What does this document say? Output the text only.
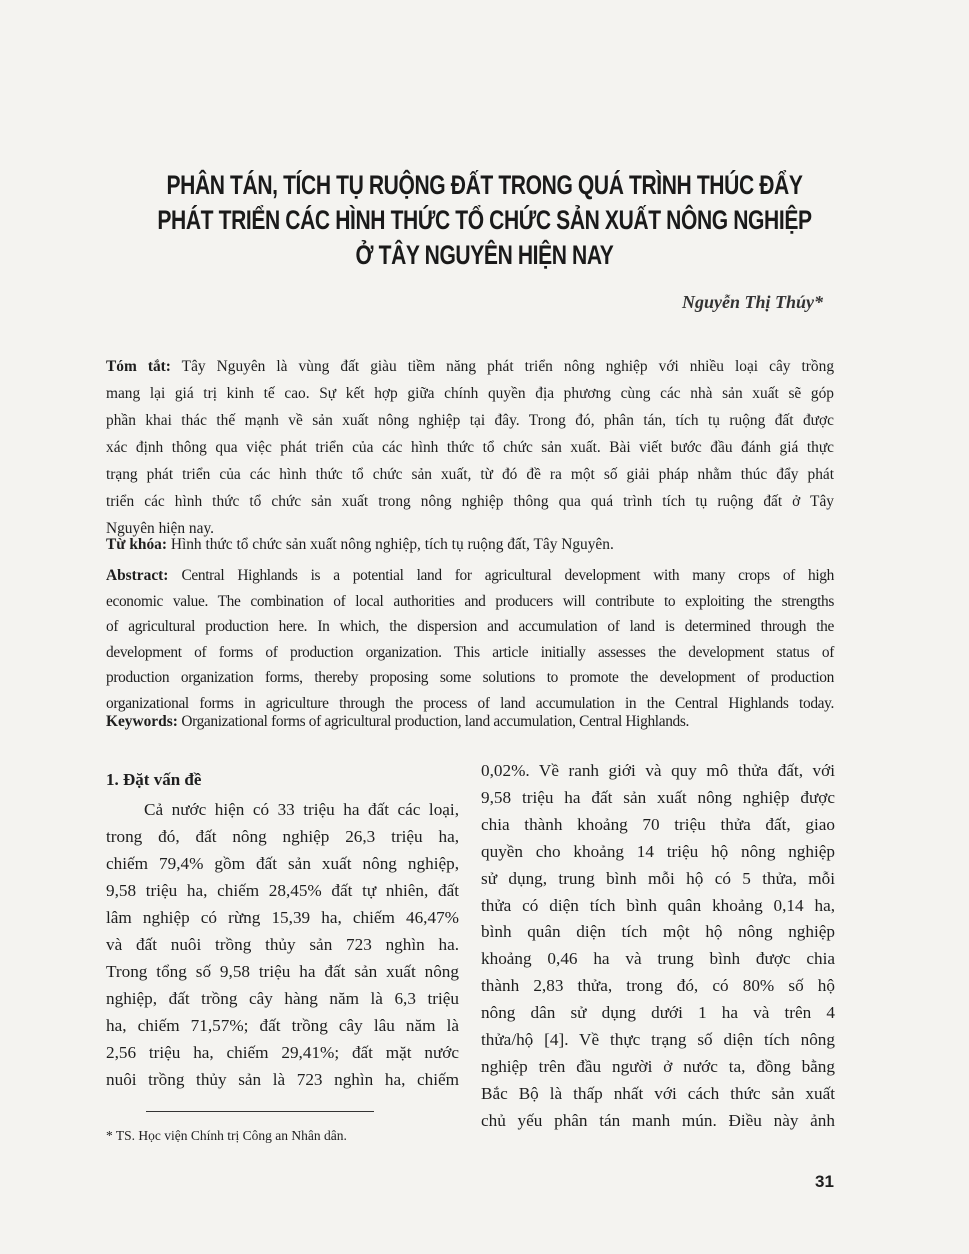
PHÂN TÁN, TÍCH TỤ RUỘNG ĐẤT TRONG QUÁ TRÌNH THÚC ĐẨY
PHÁT TRIỂN CÁC HÌNH THỨC TỔ CHỨC SẢN XUẤT NÔNG NGHIỆP
Ở TÂY NGUYÊN HIỆN NAY
Nguyễn Thị Thúy*
Tóm tắt: Tây Nguyên là vùng đất giàu tiềm năng phát triển nông nghiệp với nhiều loại cây trồng
mang lại giá trị kinh tế cao. Sự kết hợp giữa chính quyền địa phương cùng các nhà sản xuất sẽ góp
phần khai thác thế mạnh về sản xuất nông nghiệp tại đây. Trong đó, phân tán, tích tụ ruộng đất được
xác định thông qua việc phát triển của các hình thức tổ chức sản xuất. Bài viết bước đầu đánh giá thực
trạng phát triển của các hình thức tổ chức sản xuất, từ đó đề ra một số giải pháp nhằm thúc đẩy phát
triển các hình thức tổ chức sản xuất trong nông nghiệp thông qua quá trình tích tụ ruộng đất ở Tây
Nguyên hiện nay.
Từ khóa: Hình thức tổ chức sản xuất nông nghiệp, tích tụ ruộng đất, Tây Nguyên.
Abstract: Central Highlands is a potential land for agricultural development with many crops of high
economic value. The combination of local authorities and producers will contribute to exploiting the strengths
of agricultural production here. In which, the dispersion and accumulation of land is determined through the
development of forms of production organization. This article initially assesses the development status of
production organization forms, thereby proposing some solutions to promote the development of production
organizational forms in agriculture through the process of land accumulation in the Central Highlands today.
Keywords: Organizational forms of agricultural production, land accumulation, Central Highlands.
1. Đặt vấn đề
Cả nước hiện có 33 triệu ha đất các loại,
trong đó, đất nông nghiệp 26,3 triệu ha,
chiếm 79,4% gồm đất sản xuất nông nghiệp,
9,58 triệu ha, chiếm 28,45% đất tự nhiên, đất
lâm nghiệp có rừng 15,39 ha, chiếm 46,47%
và đất nuôi trồng thủy sản 723 nghìn ha.
Trong tổng số 9,58 triệu ha đất sản xuất nông
nghiệp, đất trồng cây hàng năm là 6,3 triệu
ha, chiếm 71,57%; đất trồng cây lâu năm là
2,56 triệu ha, chiếm 29,41%; đất mặt nước
nuôi trồng thủy sản là 723 nghìn ha, chiếm
0,02%. Về ranh giới và quy mô thửa đất, với
9,58 triệu ha đất sản xuất nông nghiệp được
chia thành khoảng 70 triệu thửa đất, giao
quyền cho khoảng 14 triệu hộ nông nghiệp
sử dụng, trung bình mỗi hộ có 5 thửa, mỗi
thửa có diện tích bình quân khoảng 0,14 ha,
bình quân diện tích một hộ nông nghiệp
khoảng 0,46 ha và trung bình được chia
thành 2,83 thửa, trong đó, có 80% số hộ
nông dân sử dụng dưới 1 ha và trên 4
thửa/hộ [4]. Về thực trạng số diện tích nông
nghiệp trên đầu người ở nước ta, đồng bằng
Bắc Bộ là thấp nhất với cách thức sản xuất
chủ yếu phân tán manh mún. Điều này ảnh
* TS. Học viện Chính trị Công an Nhân dân.
31
